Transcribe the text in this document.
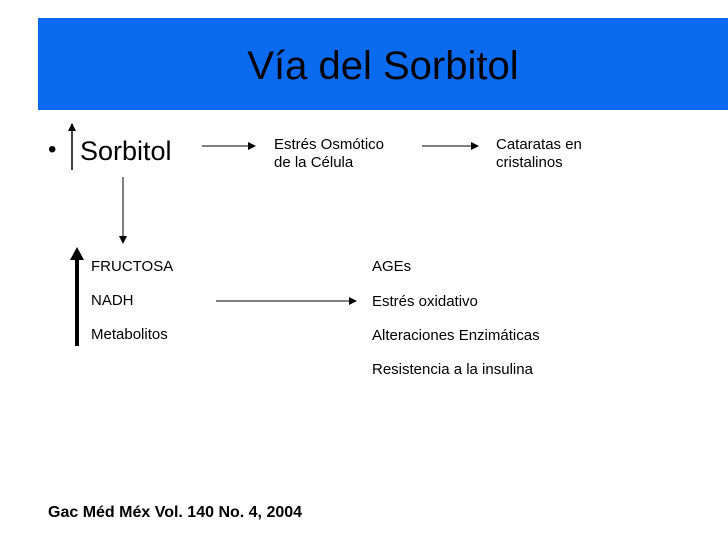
Vía del Sorbitol
• Sorbitol	Estrés Osmótico
de la Célula
Cataratas en
cristalinos
FRUCTOSA
NADH
Metabolitos
AGEs
Estrés oxidativo
Alteraciones Enzimáticas
Resistencia a la insulina
Gac Méd Méx Vol. 140 No. 4, 2004
